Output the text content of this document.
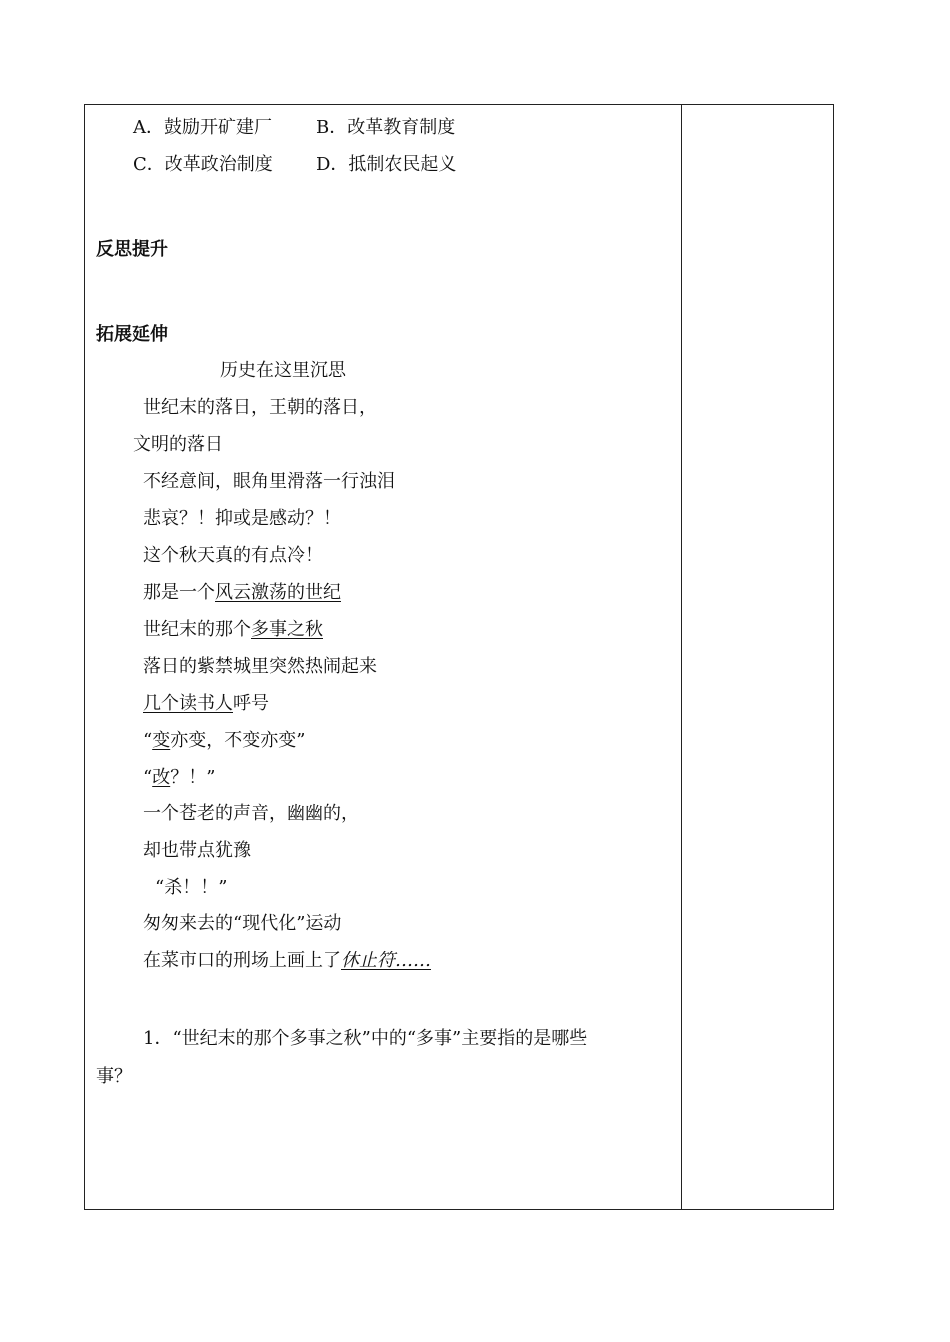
A．鼓励开矿建厂 B．改革教育制度
C．改革政治制度 D．抵制农民起义
反思提升
拓展延伸
历史在这里沉思
世纪末的落日，王朝的落日，
文明的落日
不经意间，眼角里滑落一行浊泪
悲哀？！抑或是感动？！
这个秋天真的有点冷！
那是一个风云激荡的世纪
世纪末的那个多事之秋
落日的紫禁城里突然热闹起来
几个读书人呼号
“变亦变，不变亦变”
“改？！”
一个苍老的声音，幽幽的，
却也带点犹豫
“杀！！”
匆匆来去的“现代化”运动
在菜市口的刑场上画上了休止符……
1．“世纪末的那个多事之秋”中的“多事”主要指的是哪些
事？
